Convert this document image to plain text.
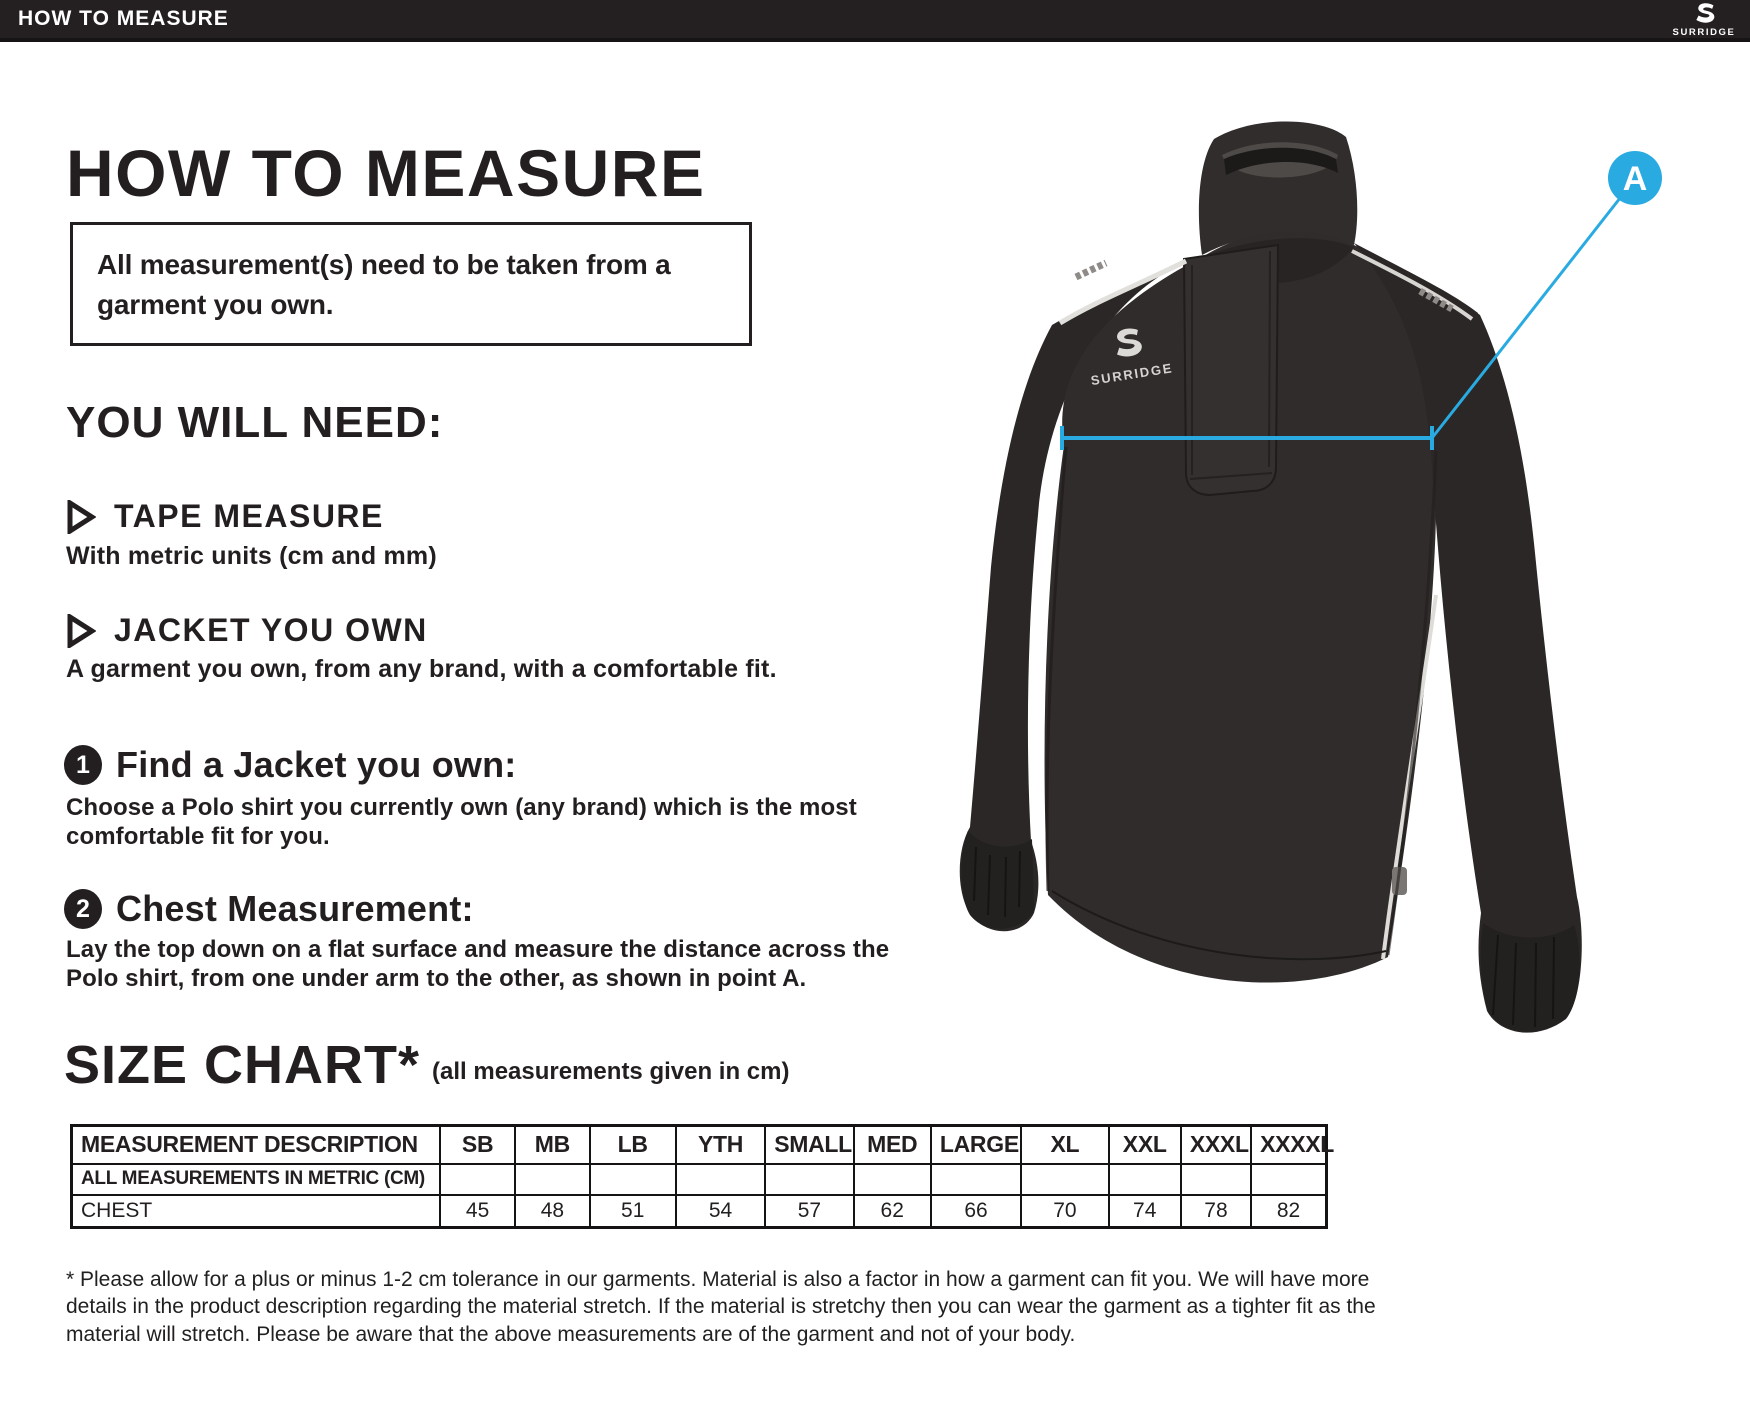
HOW TO MEASURE
SURRIDGE
HOW TO MEASURE
All measurement(s) need to be taken from a garment you own.
YOU WILL NEED:
TAPE MEASURE
With metric units (cm and mm)
JACKET YOU OWN
A garment you own, from any brand, with a comfortable fit.
1 Find a Jacket you own:
Choose a Polo shirt you currently own (any brand) which is the most comfortable fit for you.
2 Chest Measurement:
Lay the top down on a flat surface and measure the distance across the Polo shirt, from one under arm to the other, as shown in point A.
SIZE CHART* (all measurements given in cm)
MEASUREMENT DESCRIPTION	SB	MB	LB	YTH	SMALL	MED	LARGE	XL	XXL	XXXL	XXXXL
ALL MEASUREMENTS IN METRIC (CM)											
CHEST	45	48	51	54	57	62	66	70	74	78	82
* Please allow for a plus or minus 1-2 cm tolerance in our garments. Material is also a factor in how a garment can fit you. We will have more details in the product description regarding the material stretch. If the material is stretchy then you can wear the garment as a tighter fit as the material will stretch. Please be aware that the above measurements are of the garment and not of your body.
SURRIDGE
A
